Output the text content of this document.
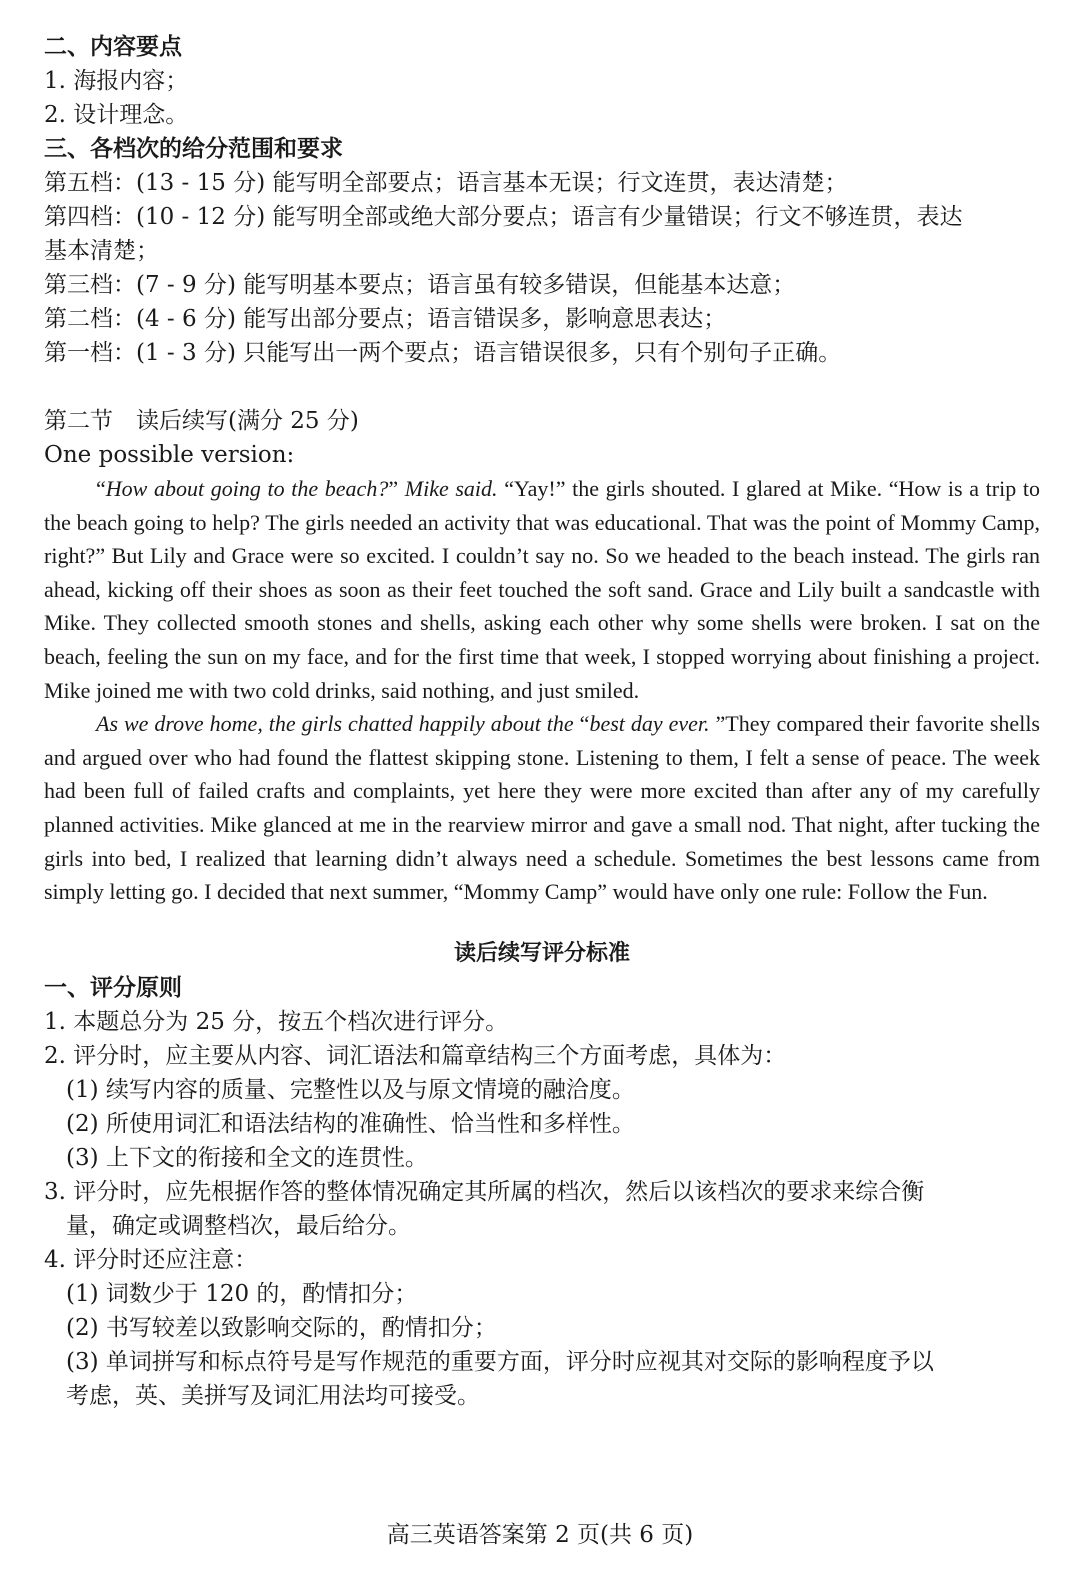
二、内容要点
1. 海报内容；
2. 设计理念。
三、各档次的给分范围和要求
第五档：(13 - 15 分) 能写明全部要点；语言基本无误；行文连贯，表达清楚；
第四档：(10 - 12 分) 能写明全部或绝大部分要点；语言有少量错误；行文不够连贯，表达
基本清楚；
第三档：(7 - 9 分) 能写明基本要点；语言虽有较多错误，但能基本达意；
第二档：(4 - 6 分) 能写出部分要点；语言错误多，影响意思表达；
第一档：(1 - 3 分) 只能写出一两个要点；语言错误很多，只有个别句子正确。
第二节　读后续写(满分 25 分)
One possible version:

“How about going to the beach?” Mike said. “Yay!” the girls shouted. I glared at Mike. “How is a trip to the beach going to help? The girls needed an activity that was educational. That was the point of Mommy Camp, right?” But Lily and Grace were so excited. I couldn’t say no. So we headed to the beach instead. The girls ran ahead, kicking off their shoes as soon as their feet touched the soft sand. Grace and Lily built a sandcastle with Mike. They collected smooth stones and shells, asking each other why some shells were broken. I sat on the beach, feeling the sun on my face, and for the first time that week, I stopped worrying about finishing a project. Mike joined me with two cold drinks, said nothing, and just smiled.

As we drove home, the girls chatted happily about the “best day ever. ”They compared their favorite shells and argued over who had found the flattest skipping stone. Listening to them, I felt a sense of peace. The week had been full of failed crafts and complaints, yet here they were more excited than after any of my carefully planned activities. Mike glanced at me in the rearview mirror and gave a small nod. That night, after tucking the girls into bed, I realized that learning didn’t always need a schedule. Sometimes the best lessons came from simply letting go. I decided that next summer, “Mommy Camp” would have only one rule: Follow the Fun.

读后续写评分标准
一、评分原则
1. 本题总分为 25 分，按五个档次进行评分。
2. 评分时，应主要从内容、词汇语法和篇章结构三个方面考虑，具体为：
(1) 续写内容的质量、完整性以及与原文情境的融洽度。
(2) 所使用词汇和语法结构的准确性、恰当性和多样性。
(3) 上下文的衔接和全文的连贯性。
3. 评分时，应先根据作答的整体情况确定其所属的档次，然后以该档次的要求来综合衡
量，确定或调整档次，最后给分。
4. 评分时还应注意：
(1) 词数少于 120 的，酌情扣分；
(2) 书写较差以致影响交际的，酌情扣分；
(3) 单词拼写和标点符号是写作规范的重要方面，评分时应视其对交际的影响程度予以
考虑，英、美拼写及词汇用法均可接受。
高三英语答案第 2 页(共 6 页)
